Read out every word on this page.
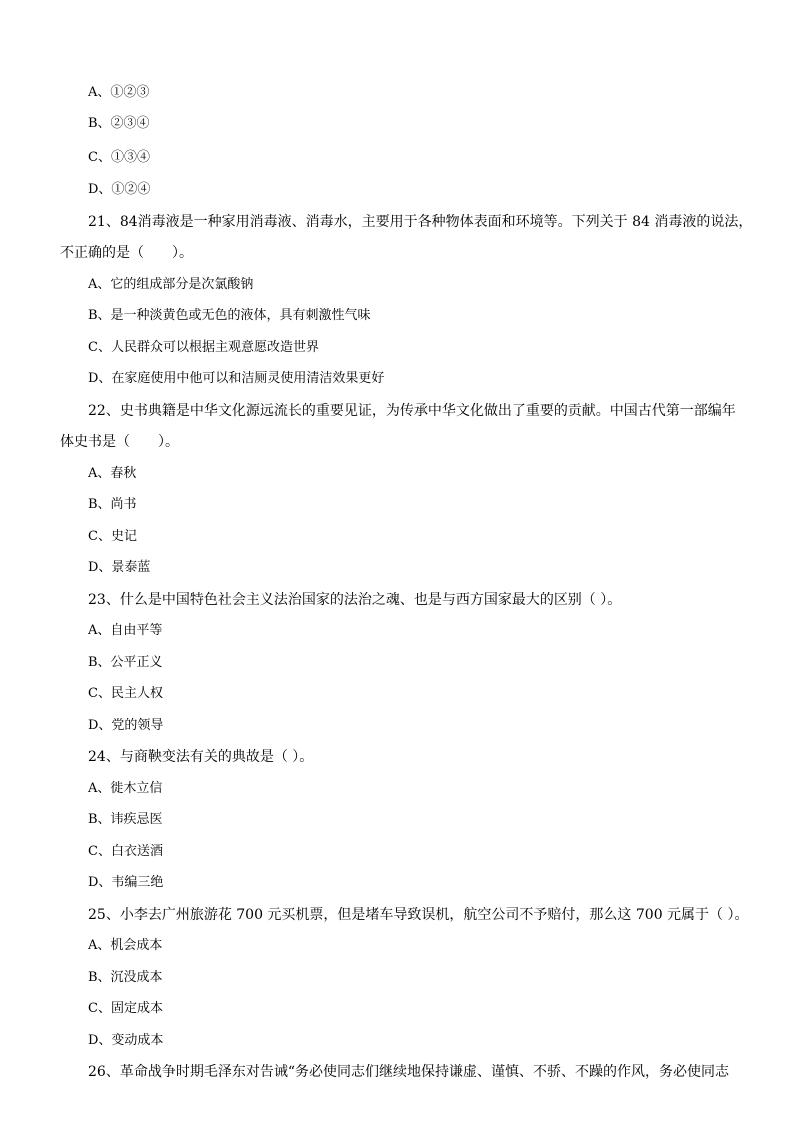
A、①②③
B、②③④
C、①③④
D、①②④
21、84消毒液是一种家用消毒液、消毒水，主要用于各种物体表面和环境等。下列关于 84 消毒液的说法，
不正确的是（　　）。
A、它的组成部分是次氯酸钠
B、是一种淡黄色或无色的液体，具有刺激性气味
C、人民群众可以根据主观意愿改造世界
D、在家庭使用中他可以和洁厕灵使用清洁效果更好
22、史书典籍是中华文化源远流长的重要见证，为传承中华文化做出了重要的贡献。中国古代第一部编年
体史书是（　　）。
A、春秋
B、尚书
C、史记
D、景泰蓝
23、什么是中国特色社会主义法治国家的法治之魂、也是与西方国家最大的区别（ ）。
A、自由平等
B、公平正义
C、民主人权
D、党的领导
24、与商鞅变法有关的典故是（ ）。
A、徙木立信
B、讳疾忌医
C、白衣送酒
D、韦编三绝
25、小李去广州旅游花 700 元买机票，但是堵车导致误机，航空公司不予赔付，那么这 700 元属于（ ）。
A、机会成本
B、沉没成本
C、固定成本
D、变动成本
26、革命战争时期毛泽东对告诫“务必使同志们继续地保持谦虚、谨慎、不骄、不躁的作风，务必使同志
